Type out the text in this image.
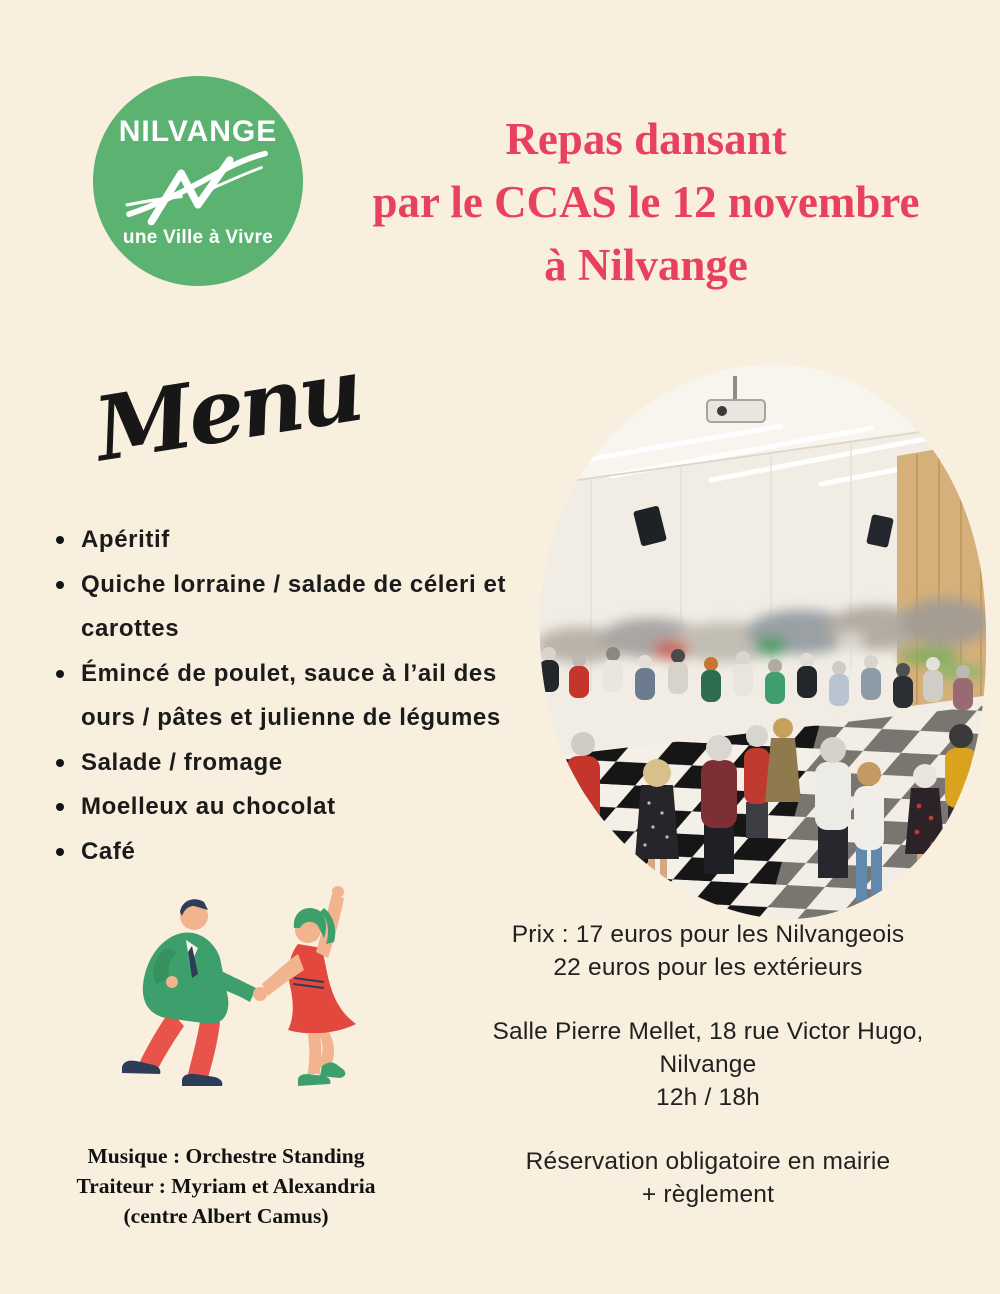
NILVANGE
une Ville à Vivre
Repas dansant
par le CCAS le 12 novembre
à Nilvange
Menu
Apéritif
Quiche lorraine / salade de céleri et carottes
Émincé de poulet, sauce à l’ail des ours / pâtes et julienne de légumes
Salade / fromage
Moelleux au chocolat
Café
Prix : 17 euros pour les Nilvangeois
22 euros pour les extérieurs
Salle Pierre Mellet, 18 rue Victor Hugo,
Nilvange
12h / 18h
Réservation obligatoire en mairie
+ règlement
Musique : Orchestre Standing
Traiteur : Myriam et Alexandria
(centre Albert Camus)
